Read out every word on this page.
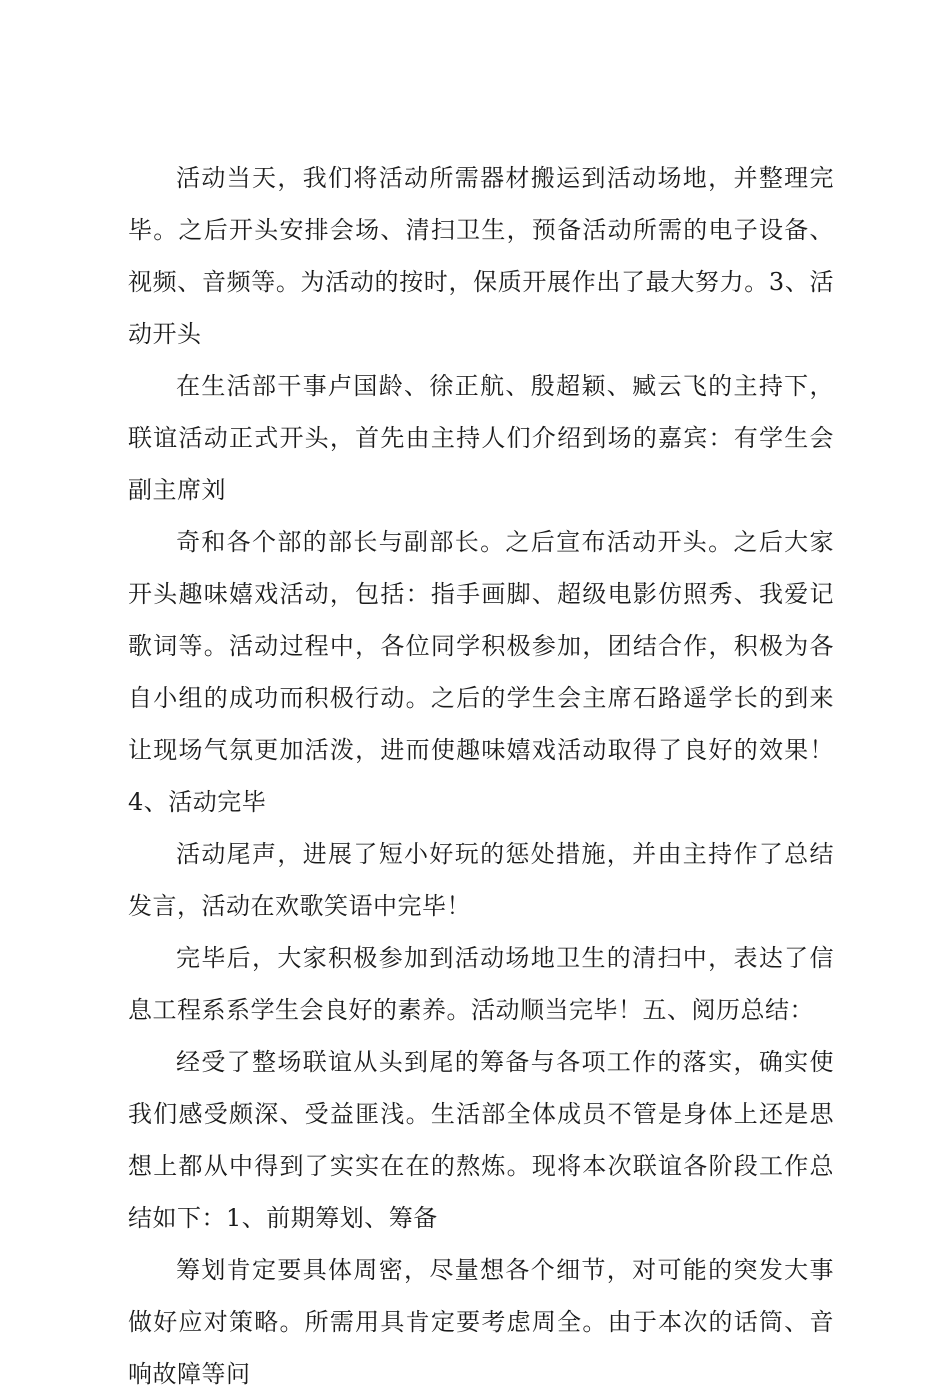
活动当天，我们将活动所需器材搬运到活动场地，并整理完毕。之后开头安排会场、清扫卫生，预备活动所需的电子设备、视频、音频等。为活动的按时，保质开展作出了最大努力。3、活动开头

在生活部干事卢国龄、徐正航、殷超颖、臧云飞的主持下，联谊活动正式开头，首先由主持人们介绍到场的嘉宾：有学生会副主席刘

奇和各个部的部长与副部长。之后宣布活动开头。之后大家开头趣味嬉戏活动，包括：指手画脚、超级电影仿照秀、我爱记歌词等。活动过程中，各位同学积极参加，团结合作，积极为各自小组的成功而积极行动。之后的学生会主席石路遥学长的到来让现场气氛更加活泼，进而使趣味嬉戏活动取得了良好的效果！4、活动完毕

活动尾声，进展了短小好玩的惩处措施，并由主持作了总结发言，活动在欢歌笑语中完毕！

完毕后，大家积极参加到活动场地卫生的清扫中，表达了信息工程系系学生会良好的素养。活动顺当完毕！五、阅历总结：

经受了整场联谊从头到尾的筹备与各项工作的落实，确实使我们感受颇深、受益匪浅。生活部全体成员不管是身体上还是思想上都从中得到了实实在在的熬炼。现将本次联谊各阶段工作总结如下：1、前期筹划、筹备

筹划肯定要具体周密，尽量想各个细节，对可能的突发大事做好应对策略。所需用具肯定要考虑周全。由于本次的话筒、音响故障等问
